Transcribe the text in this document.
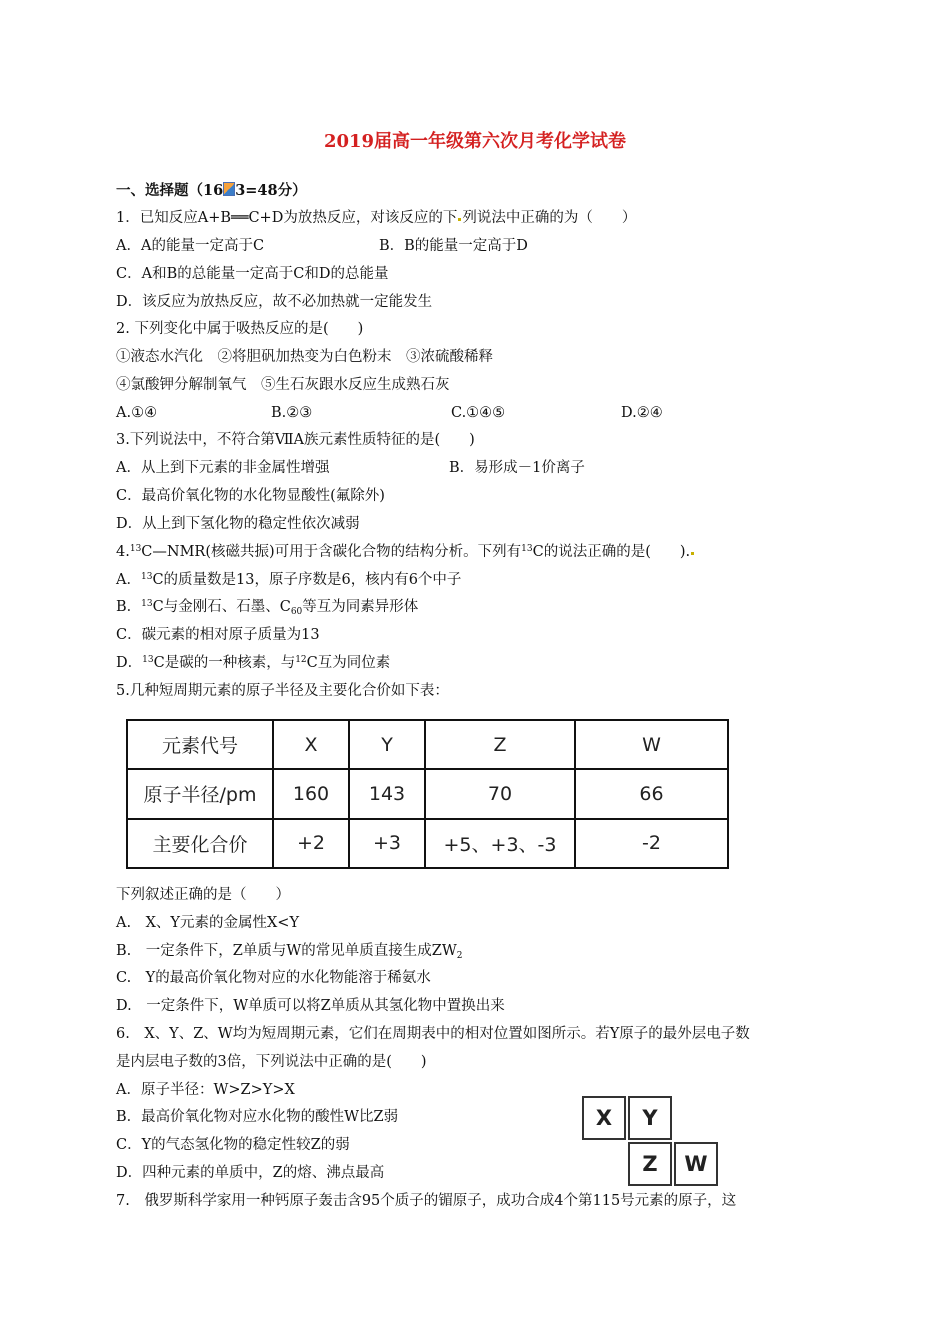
2019届高一年级第六次月考化学试卷
一、选择题（16 3=48分）
1．已知反应A+B══C+D为放热反应，对该反应的下 列说法中正确的为（　　）
A．A的能量一定高于C	B．B的能量一定高于D
C．A和B的总能量一定高于C和D的总能量
D．该反应为放热反应，故不必加热就一定能发生
2. 下列变化中属于吸热反应的是(　　)
①液态水汽化　②将胆矾加热变为白色粉末　③浓硫酸稀释
④氯酸钾分解制氧气　⑤生石灰跟水反应生成熟石灰
A.①④	B.②③	C.①④⑤	D.②④
3.下列说法中，不符合第ⅦA族元素性质特征的是(　　)
A．从上到下元素的非金属性增强	B．易形成－1价离子
C．最高价氧化物的水化物显酸性(氟除外)
D．从上到下氢化物的稳定性依次减弱
4.13C—NMR(核磁共振)可用于含碳化合物的结构分析。下列有$^{13}$C的说法正确的是(　　).
A．$^{13}$C的质量数是13，原子序数是6，核内有6个中子
B．$^{13}$C与金刚石、石墨、$C_{60}$等互为同素异形体
C．碳元素的相对原子质量为13
D．$^{13}$C是碳的一种核素，与$^{12}$C互为同位素
5.几种短周期元素的原子半径及主要化合价如下表：
元素代号	X	Y	Z	W
原子半径/pm	160	143	70	66
主要化合价	+2	+3	+5、+3、-3	-2
下列叙述正确的是（　　）
A.　X、Y元素的金属性X<Y
B.　一定条件下，Z单质与W的常见单质直接生成$ZW_2$
C.　Y的最高价氧化物对应的水化物能溶于稀氨水
D.　一定条件下，W单质可以将Z单质从其氢化物中置换出来
6.　X、Y、Z、W均为短周期元素，它们在周期表中的相对位置如图所示。若Y原子的最外层电子数
是内层电子数的3倍，下列说法中正确的是(　　)
A．原子半径：W>Z>Y>X
B．最高价氧化物对应水化物的酸性W比Z弱
C．Y的气态氢化物的稳定性较Z的弱
D．四种元素的单质中，Z的熔、沸点最高
X	Y
Z	W
7.　俄罗斯科学家用一种钙原子轰击含95个质子的镅原子，成功合成4个第115号元素的原子，这
